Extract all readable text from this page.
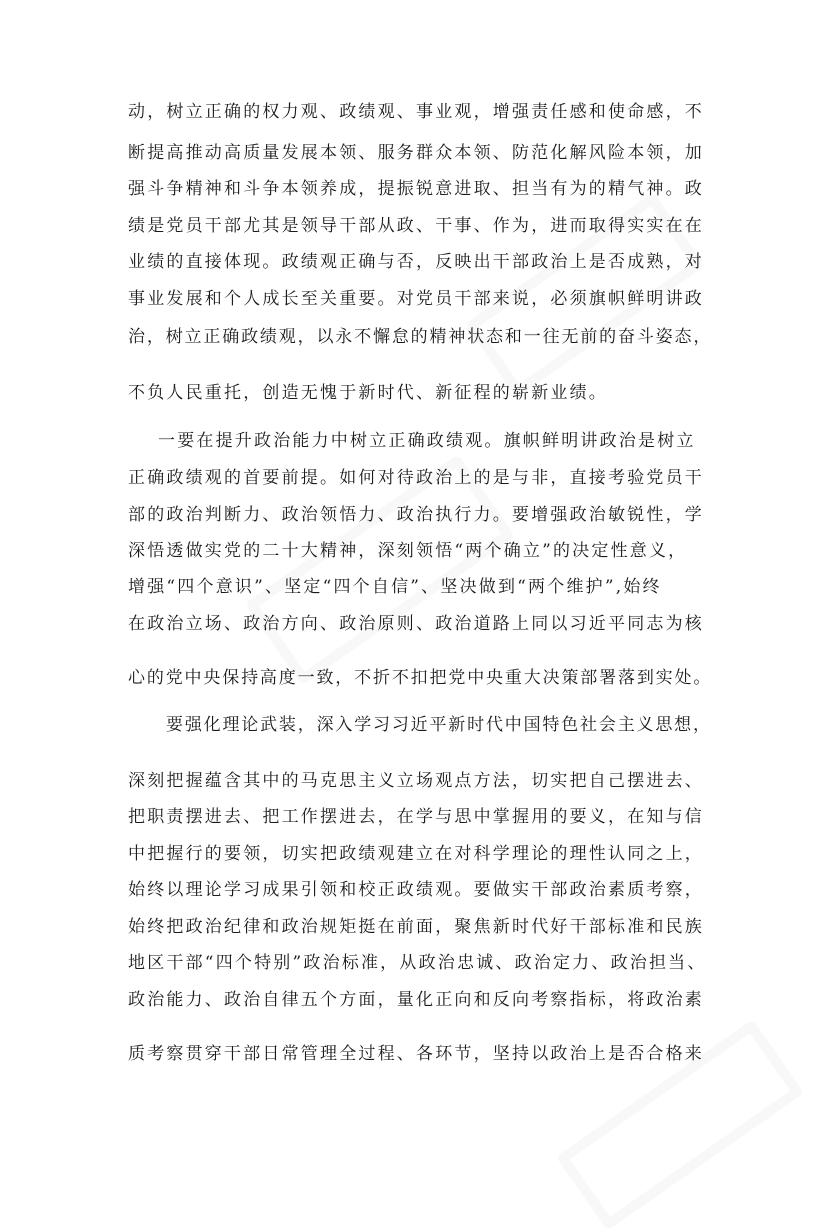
动，树立正确的权力观、政绩观、事业观，增强责任感和使命感，不
断提高推动高质量发展本领、服务群众本领、防范化解风险本领，加
强斗争精神和斗争本领养成，提振锐意进取、担当有为的精气神。政
绩是党员干部尤其是领导干部从政、干事、作为，进而取得实实在在
业绩的直接体现。政绩观正确与否，反映出干部政治上是否成熟，对
事业发展和个人成长至关重要。对党员干部来说，必须旗帜鲜明讲政
治，树立正确政绩观，以永不懈怠的精神状态和一往无前的奋斗姿态，
不负人民重托，创造无愧于新时代、新征程的崭新业绩。
一要在提升政治能力中树立正确政绩观。旗帜鲜明讲政治是树立
正确政绩观的首要前提。如何对待政治上的是与非，直接考验党员干
部的政治判断力、政治领悟力、政治执行力。要增强政治敏锐性，学
深悟透做实党的二十大精神，深刻领悟“两个确立”的决定性意义，
增强“四个意识”、坚定“四个自信”、坚决做到“两个维护”,始终
在政治立场、政治方向、政治原则、政治道路上同以习近平同志为核
心的党中央保持高度一致，不折不扣把党中央重大决策部署落到实处。
要强化理论武装，深入学习习近平新时代中国特色社会主义思想，
深刻把握蕴含其中的马克思主义立场观点方法，切实把自己摆进去、
把职责摆进去、把工作摆进去，在学与思中掌握用的要义，在知与信
中把握行的要领，切实把政绩观建立在对科学理论的理性认同之上，
始终以理论学习成果引领和校正政绩观。要做实干部政治素质考察，
始终把政治纪律和政治规矩挺在前面，聚焦新时代好干部标准和民族
地区干部“四个特别”政治标准，从政治忠诚、政治定力、政治担当、
政治能力、政治自律五个方面，量化正向和反向考察指标，将政治素
质考察贯穿干部日常管理全过程、各环节，坚持以政治上是否合格来
